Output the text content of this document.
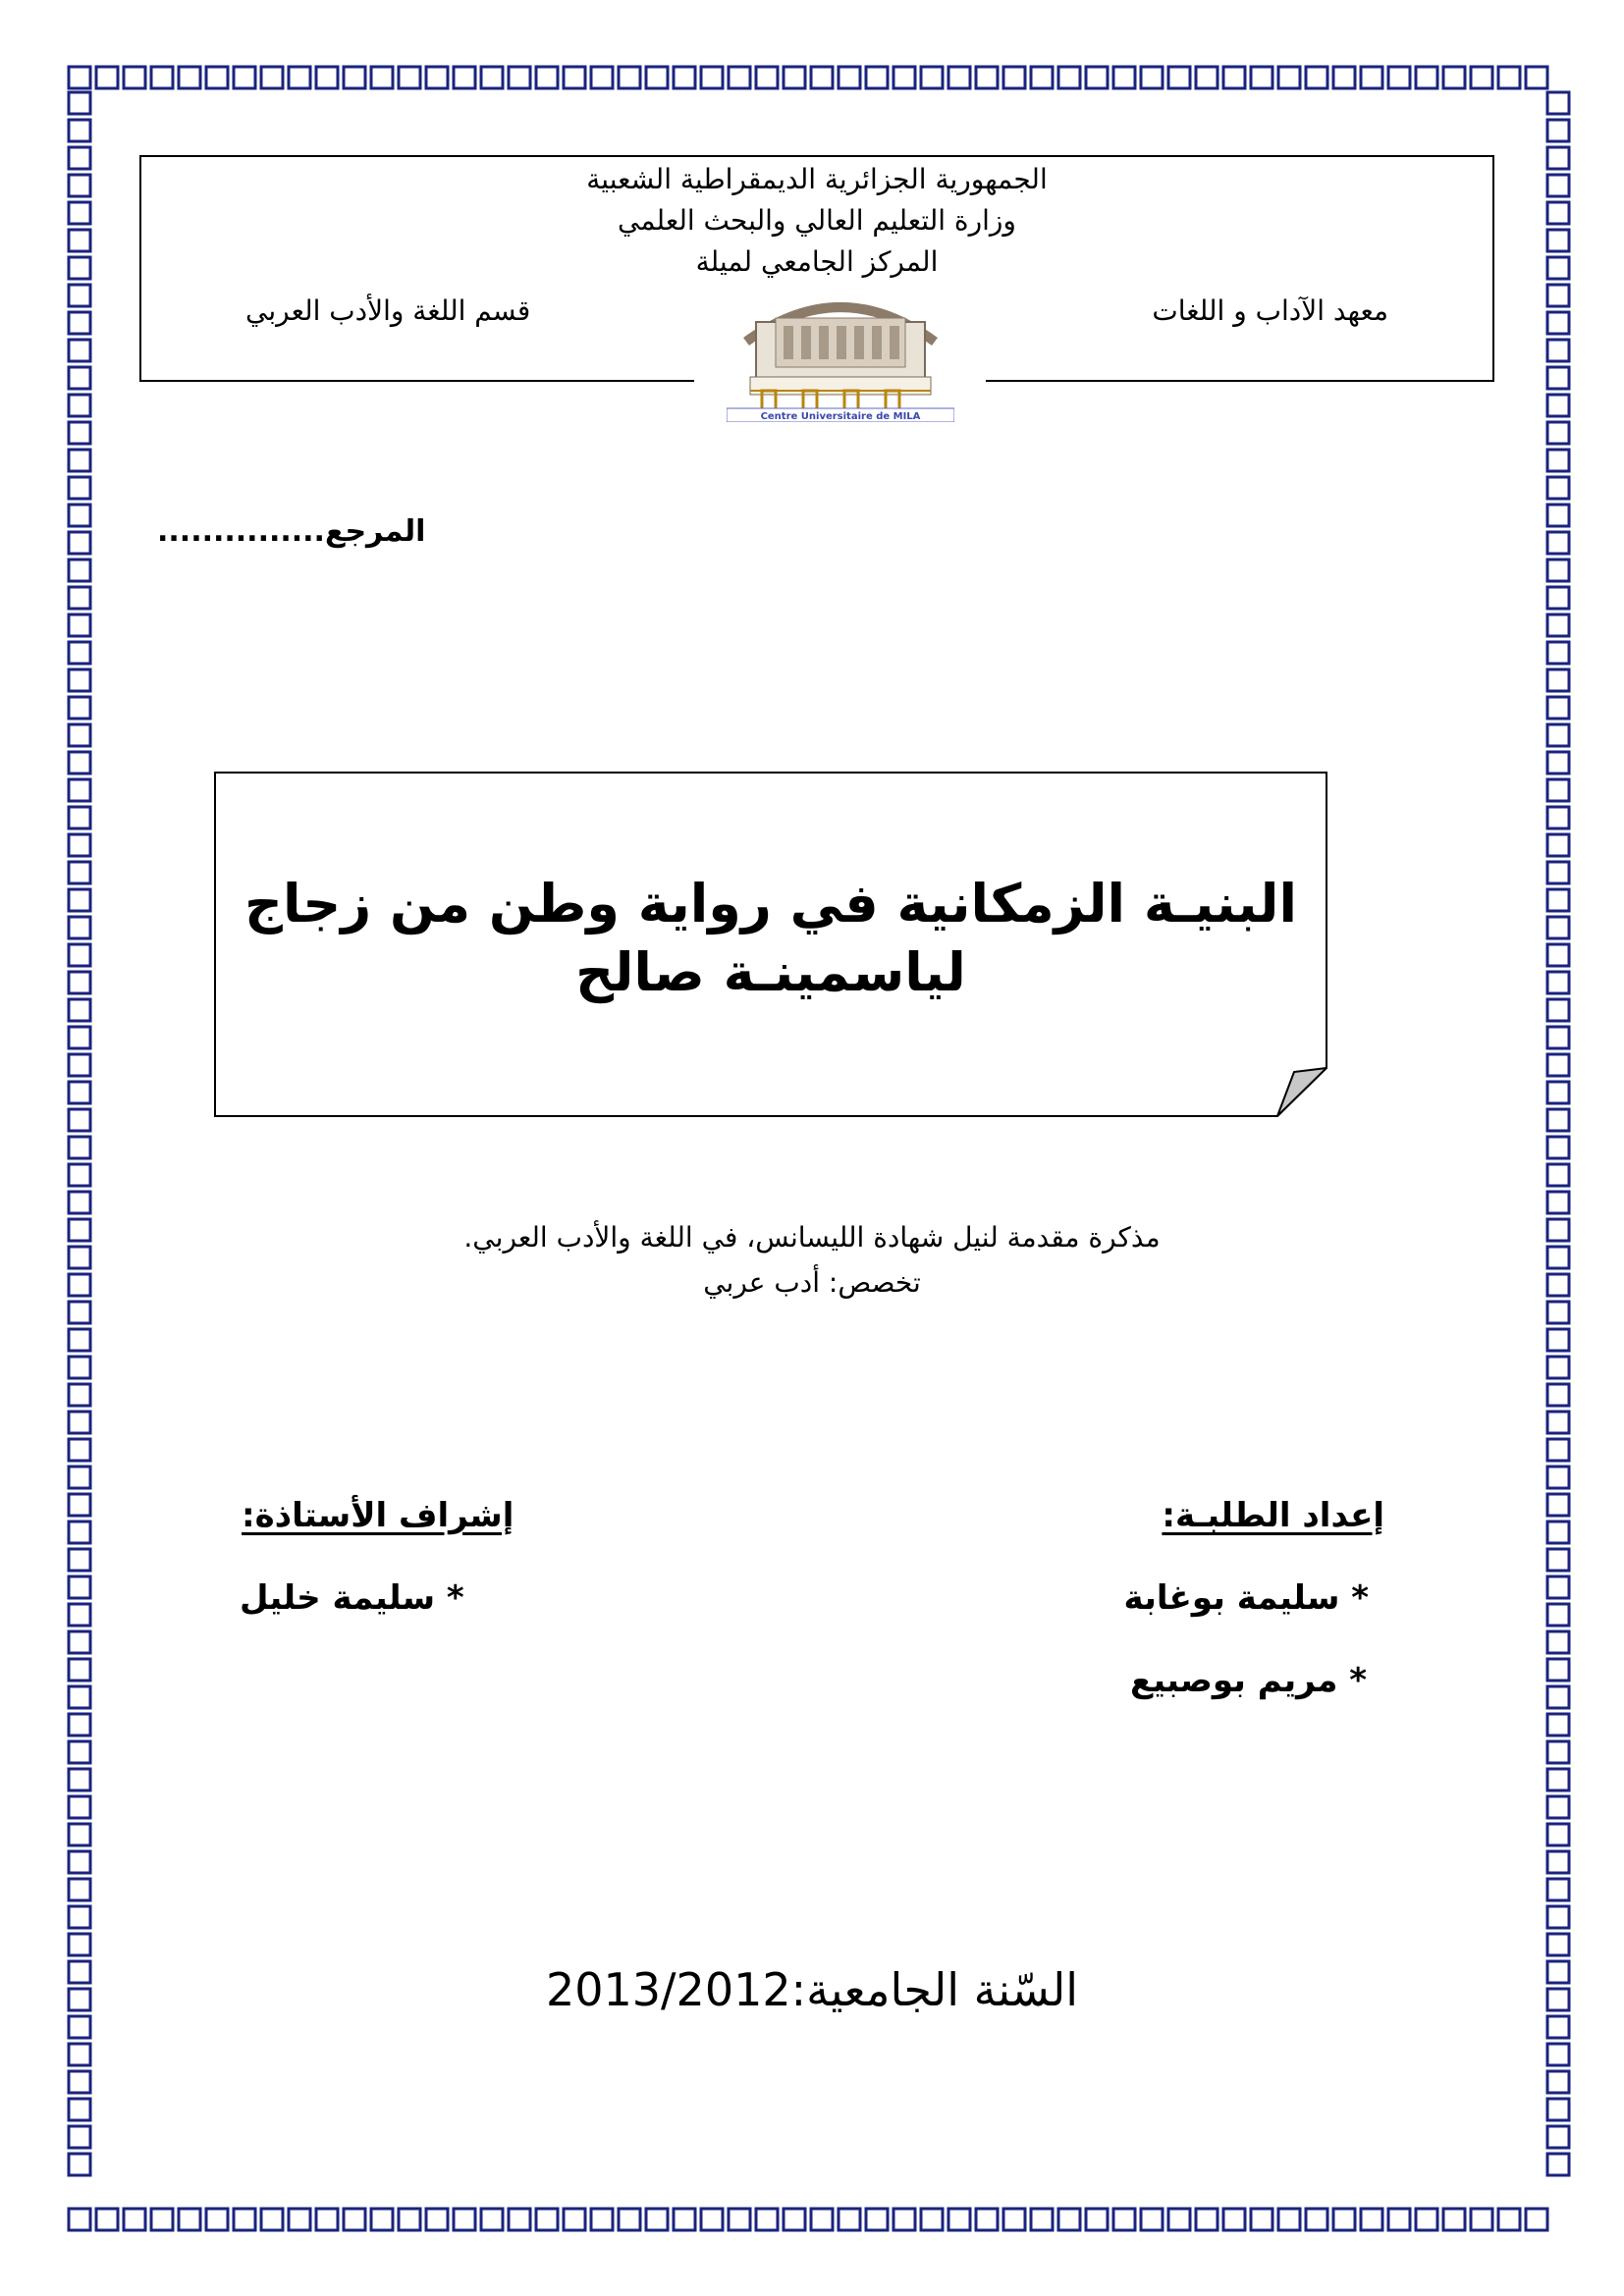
الجمهورية الجزائرية الديمقراطية الشعبية
وزارة التعليم العالي والبحث العلمي
المركز الجامعي لميلة
معهد الآداب و اللغات
قسم اللغة والأدب العربي
Centre Universitaire de MILA
المرجع...............
البنيـة الزمكانية في رواية وطن من زجاج
لياسمينـة صالح
مذكرة مقدمة لنيل شهادة الليسانس، في اللغة والأدب العربي.
تخصص: أدب عربي
إعداد الطلبـة:
* سليمة بوغابة
* مريم بوصبيع
إشراف الأستاذة:
* سليمة خليل
السّنة الجامعية:2013/2012
